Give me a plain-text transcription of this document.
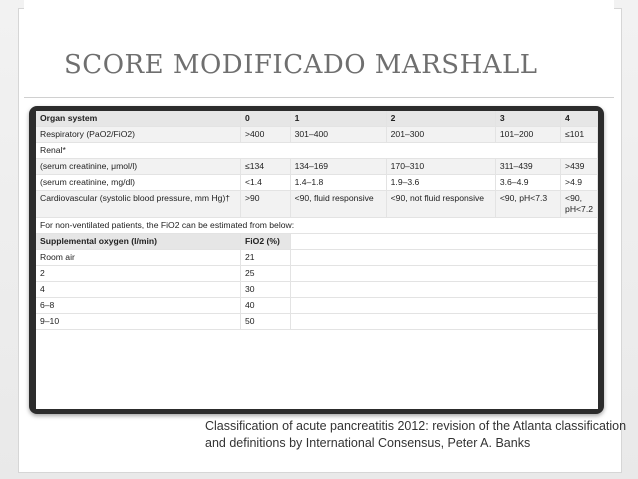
SCORE MODIFICADO MARSHALL
Organ system	0	1	2	3	4
Respiratory (PaO2/FiO2)	>400	301–400	201–300	101–200	≤101
Renal*					
(serum creatinine, μmol/l)	≤134	134–169	170–310	311–439	>439
(serum creatinine, mg/dl)	<1.4	1.4–1.8	1.9–3.6	3.6–4.9	>4.9
Cardiovascular (systolic blood pressure, mm Hg)†	>90	<90, fluid responsive	<90, not fluid responsive	<90, pH<7.3	<90, pH<7.2
For non-ventilated patients, the FiO2 can be estimated from below:					
Supplemental oxygen (l/min)	FiO2 (%)				
Room air	21				
2	25				
4	30				
6–8	40				
9–10	50				
Classification of acute pancreatitis 2012: revision of the Atlanta classification and definitions by International Consensus, Peter A. Banks
